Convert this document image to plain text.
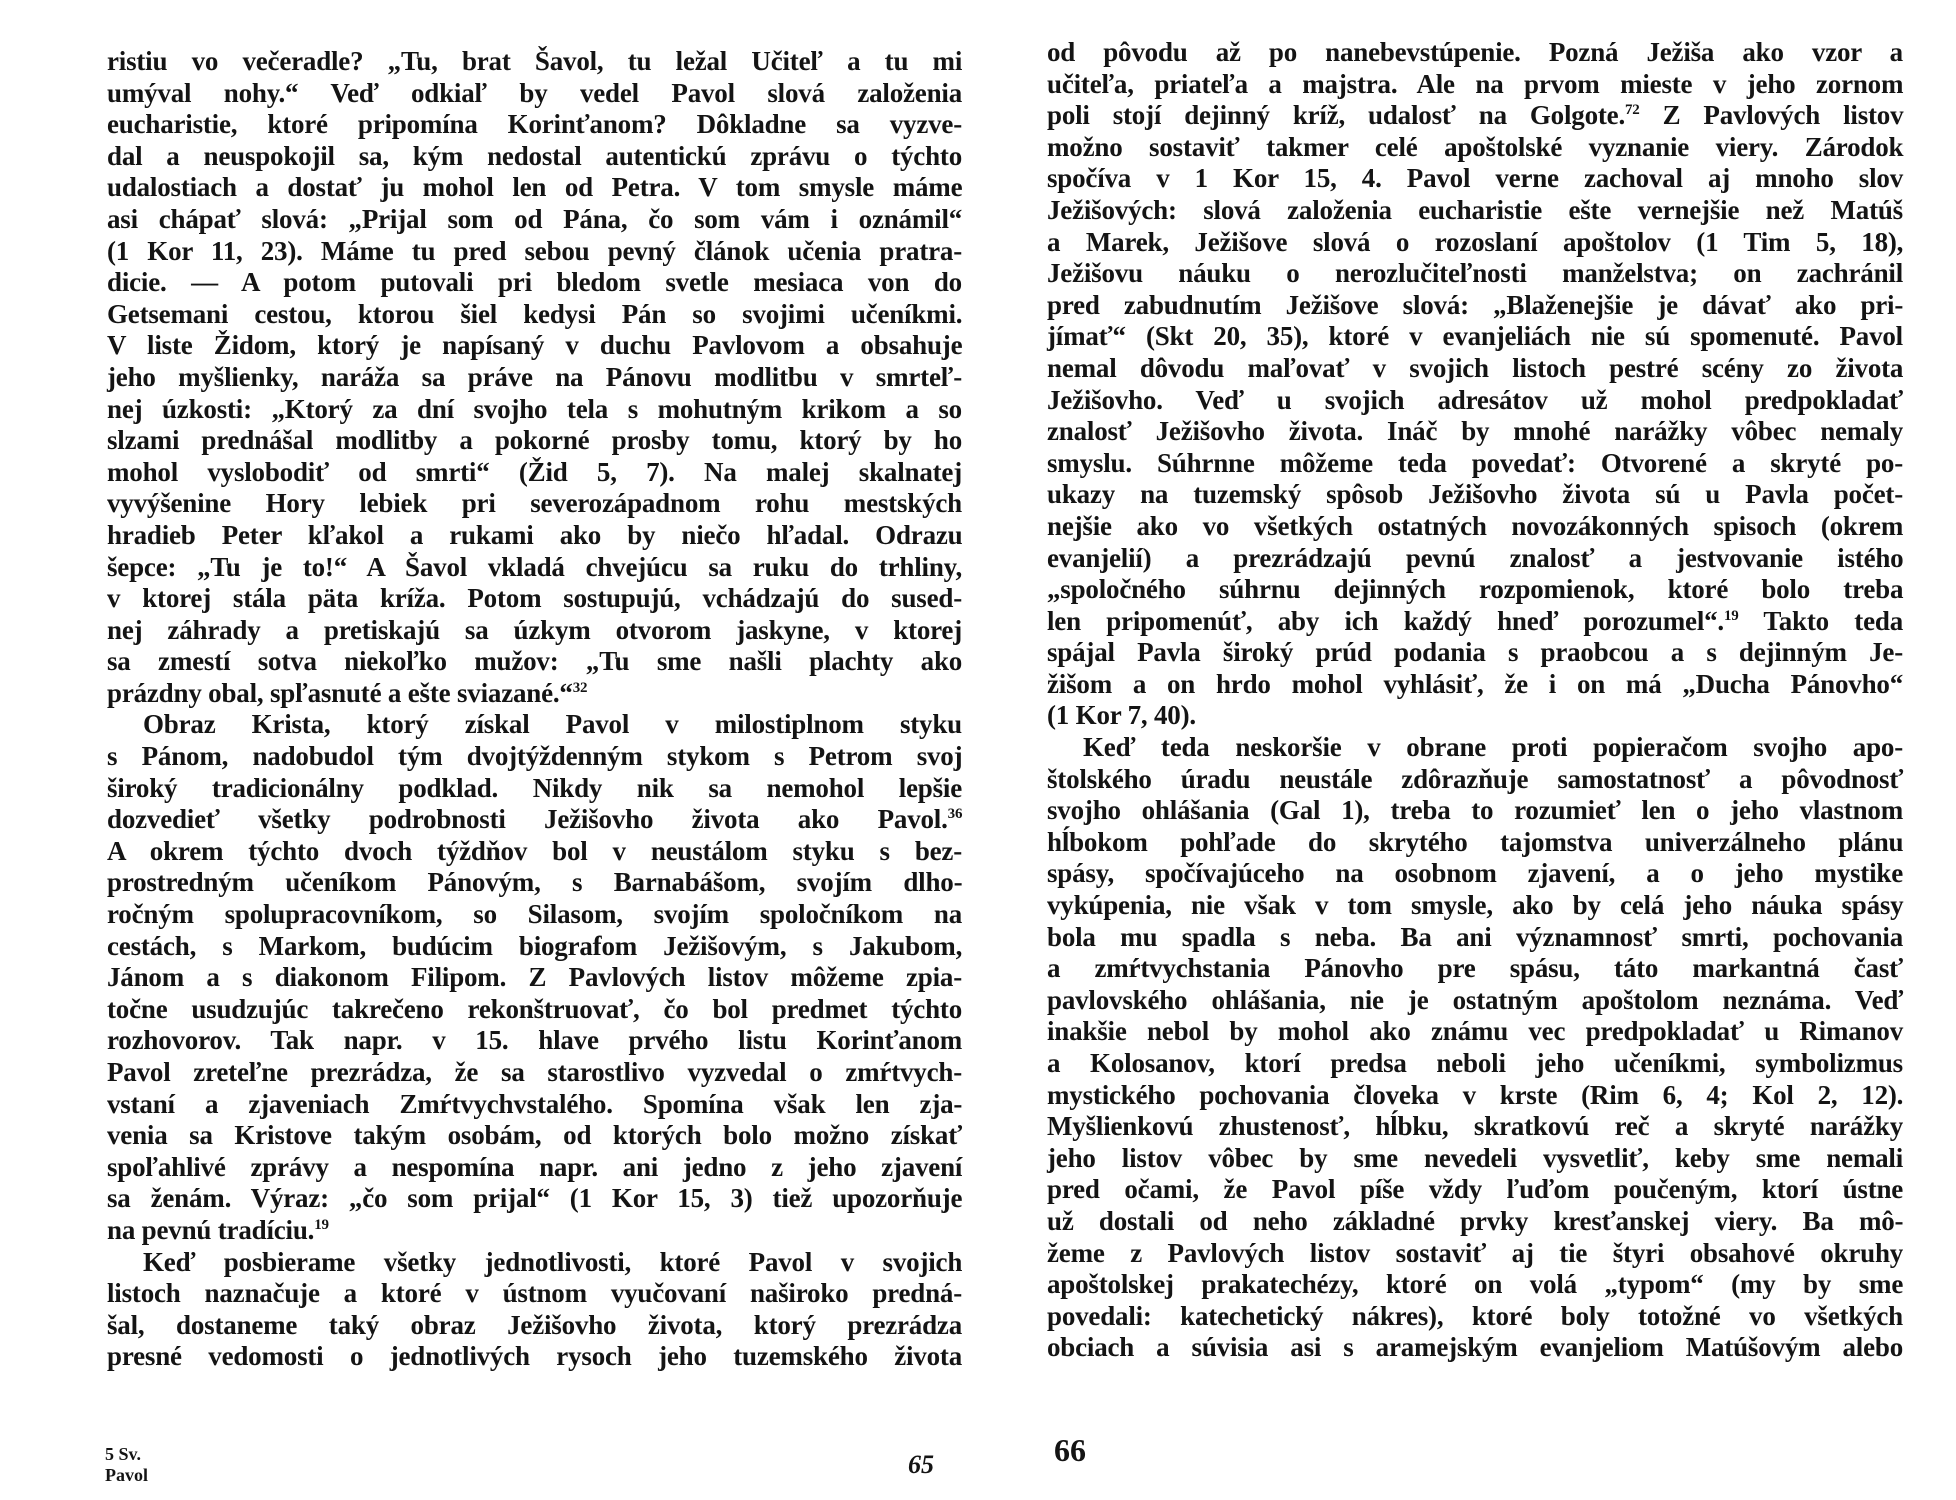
ristiu vo večeradle? „Tu, brat Šavol, tu ležal Učiteľ a tu mi
umýval nohy.“ Veď odkiaľ by vedel Pavol slová založenia
eucharistie, ktoré pripomína Korinťanom? Dôkladne sa vyzve-
dal a neuspokojil sa, kým nedostal autentickú zprávu o týchto
udalostiach a dostať ju mohol len od Petra. V tom smysle máme
asi chápať slová: „Prijal som od Pána, čo som vám i oznámil“
(1 Kor 11, 23). Máme tu pred sebou pevný článok učenia pratra-
dicie. — A potom putovali pri bledom svetle mesiaca von do
Getsemani cestou, ktorou šiel kedysi Pán so svojimi učeníkmi.
V liste Židom, ktorý je napísaný v duchu Pavlovom a obsahuje
jeho myšlienky, naráža sa práve na Pánovu modlitbu v smrteľ-
nej úzkosti: „Ktorý za dní svojho tela s mohutným krikom a so
slzami prednášal modlitby a pokorné prosby tomu, ktorý by ho
mohol vyslobodiť od smrti“ (Žid 5, 7). Na malej skalnatej
vyvýšenine Hory lebiek pri severozápadnom rohu mestských
hradieb Peter kľakol a rukami ako by niečo hľadal. Odrazu
šepce: „Tu je to!“ A Šavol vkladá chvejúcu sa ruku do trhliny,
v ktorej stála päta kríža. Potom sostupujú, vchádzajú do sused-
nej záhrady a pretiskajú sa úzkym otvorom jaskyne, v ktorej
sa zmestí sotva niekoľko mužov: „Tu sme našli plachty ako
prázdny obal, spľasnuté a ešte sviazané.“$^{32}$
Obraz Krista, ktorý získal Pavol v milostiplnom styku
s Pánom, nadobudol tým dvojtýždenným stykom s Petrom svoj
široký tradicionálny podklad. Nikdy nik sa nemohol lepšie
dozvedieť všetky podrobnosti Ježišovho života ako Pavol.$^{36}$
A okrem týchto dvoch týždňov bol v neustálom styku s bez-
prostredným učeníkom Pánovým, s Barnabášom, svojím dlho-
ročným spolupracovníkom, so Silasom, svojím spoločníkom na
cestách, s Markom, budúcim biografom Ježišovým, s Jakubom,
Jánom a s diakonom Filipom. Z Pavlových listov môžeme zpia-
točne usudzujúc takrečeno rekonštruovať, čo bol predmet týchto
rozhovorov. Tak napr. v 15. hlave prvého listu Korinťanom
Pavol zreteľne prezrádza, že sa starostlivo vyzvedal o zmŕtvych-
vstaní a zjaveniach Zmŕtvychvstalého. Spomína však len zja-
venia sa Kristove takým osobám, od ktorých bolo možno získať
spoľahlivé zprávy a nespomína napr. ani jedno z jeho zjavení
sa ženám. Výraz: „čo som prijal“ (1 Kor 15, 3) tiež upozorňuje
na pevnú tradíciu.$^{19}$
Keď posbierame všetky jednotlivosti, ktoré Pavol v svojich
listoch naznačuje a ktoré v ústnom vyučovaní naširoko predná-
šal, dostaneme taký obraz Ježišovho života, ktorý prezrádza
presné vedomosti o jednotlivých rysoch jeho tuzemského života
od pôvodu až po nanebevstúpenie. Pozná Ježiša ako vzor a
učiteľa, priateľa a majstra. Ale na prvom mieste v jeho zornom
poli stojí dejinný kríž, udalosť na Golgote.$^{72}$ Z Pavlových listov
možno sostaviť takmer celé apoštolské vyznanie viery. Zárodok
spočíva v 1 Kor 15, 4. Pavol verne zachoval aj mnoho slov
Ježišových: slová založenia eucharistie ešte vernejšie než Matúš
a Marek, Ježišove slová o rozoslaní apoštolov (1 Tim 5, 18),
Ježišovu náuku o nerozlučiteľnosti manželstva; on zachránil
pred zabudnutím Ježišove slová: „Blaženejšie je dávať ako pri-
jímať“ (Skt 20, 35), ktoré v evanjeliách nie sú spomenuté. Pavol
nemal dôvodu maľovať v svojich listoch pestré scény zo života
Ježišovho. Veď u svojich adresátov už mohol predpokladať
znalosť Ježišovho života. Ináč by mnohé narážky vôbec nemaly
smyslu. Súhrnne môžeme teda povedať: Otvorené a skryté po-
ukazy na tuzemský spôsob Ježišovho života sú u Pavla počet-
nejšie ako vo všetkých ostatných novozákonných spisoch (okrem
evanjelií) a prezrádzajú pevnú znalosť a jestvovanie istého
„spoločného súhrnu dejinných rozpomienok, ktoré bolo treba
len pripomenúť, aby ich každý hneď porozumel“.$^{19}$ Takto teda
spájal Pavla široký prúd podania s praobcou a s dejinným Je-
žišom a on hrdo mohol vyhlásiť, že i on má „Ducha Pánovho“
(1 Kor 7, 40).
Keď teda neskoršie v obrane proti popieračom svojho apo-
štolského úradu neustále zdôrazňuje samostatnosť a pôvodnosť
svojho ohlášania (Gal 1), treba to rozumieť len o jeho vlastnom
hĺbokom pohľade do skrytého tajomstva univerzálneho plánu
spásy, spočívajúceho na osobnom zjavení, a o jeho mystike
vykúpenia, nie však v tom smysle, ako by celá jeho náuka spásy
bola mu spadla s neba. Ba ani významnosť smrti, pochovania
a zmŕtvychstania Pánovho pre spásu, táto markantná časť
pavlovského ohlášania, nie je ostatným apoštolom neznáma. Veď
inakšie nebol by mohol ako známu vec predpokladať u Rimanov
a Kolosanov, ktorí predsa neboli jeho učeníkmi, symbolizmus
mystického pochovania človeka v krste (Rim 6, 4; Kol 2, 12).
Myšlienkovú zhustenosť, hĺbku, skratkovú reč a skryté narážky
jeho listov vôbec by sme nevedeli vysvetliť, keby sme nemali
pred očami, že Pavol píše vždy ľuďom poučeným, ktorí ústne
už dostali od neho základné prvky kresťanskej viery. Ba mô-
žeme z Pavlových listov sostaviť aj tie štyri obsahové okruhy
apoštolskej prakatechézy, ktoré on volá „typom“ (my by sme
povedali: katechetický nákres), ktoré boly totožné vo všetkých
obciach a súvisia asi s aramejským evanjeliom Matúšovým alebo
5 Sv. Pavol	65	66
